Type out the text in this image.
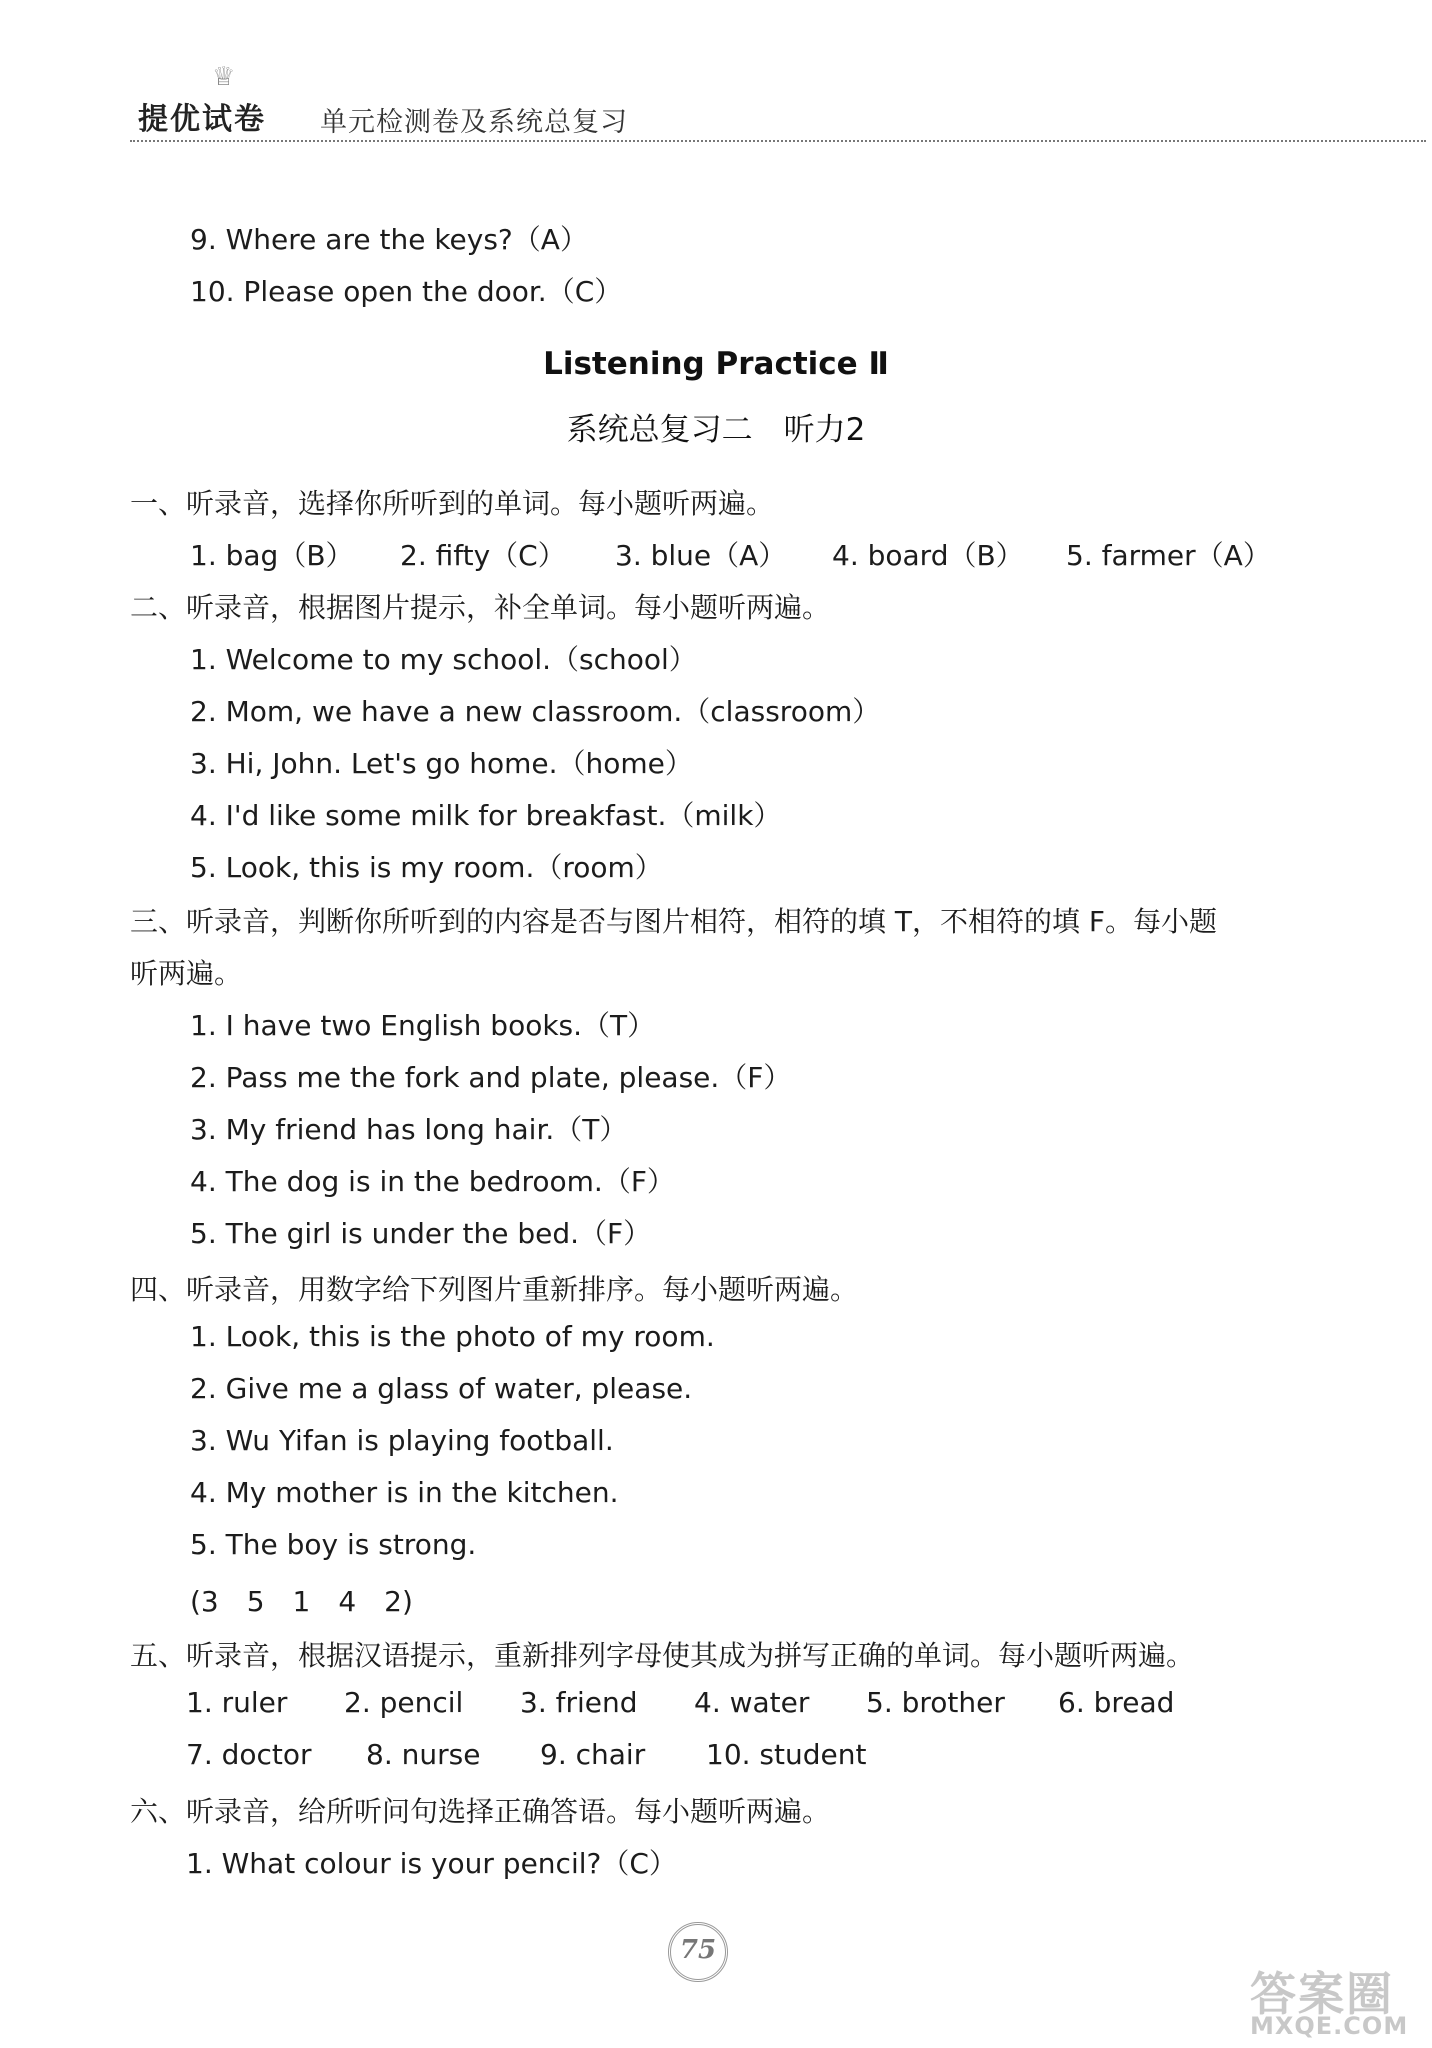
♕
提优试卷 单元检测卷及系统总复习
9. Where are the keys?（A）
10. Please open the door.（C）
Listening Practice Ⅱ
系统总复习二　听力2
一、听录音，选择你所听到的单词。每小题听两遍。
1. bag（B） 2. fifty（C） 3. blue（A） 4. board（B） 5. farmer（A）
二、听录音，根据图片提示，补全单词。每小题听两遍。
1. Welcome to my school.（school）
2. Mom, we have a new classroom.（classroom）
3. Hi, John. Let's go home.（home）
4. I'd like some milk for breakfast.（milk）
5. Look, this is my room.（room）
三、听录音，判断你所听到的内容是否与图片相符，相符的填 T，不相符的填 F。每小题
听两遍。
1. I have two English books.（T）
2. Pass me the fork and plate, please.（F）
3. My friend has long hair.（T）
4. The dog is in the bedroom.（F）
5. The girl is under the bed.（F）
四、听录音，用数字给下列图片重新排序。每小题听两遍。
1. Look, this is the photo of my room.
2. Give me a glass of water, please.
3. Wu Yifan is playing football.
4. My mother is in the kitchen.
5. The boy is strong.
(3　5　1　4　2)
五、听录音，根据汉语提示，重新排列字母使其成为拼写正确的单词。每小题听两遍。
1. ruler 2. pencil 3. friend 4. water 5. brother 6. bread
7. doctor 8. nurse 9. chair 10. student
六、听录音，给所听问句选择正确答语。每小题听两遍。
1. What colour is your pencil?（C）
75
答案圈
MXQE.COM
